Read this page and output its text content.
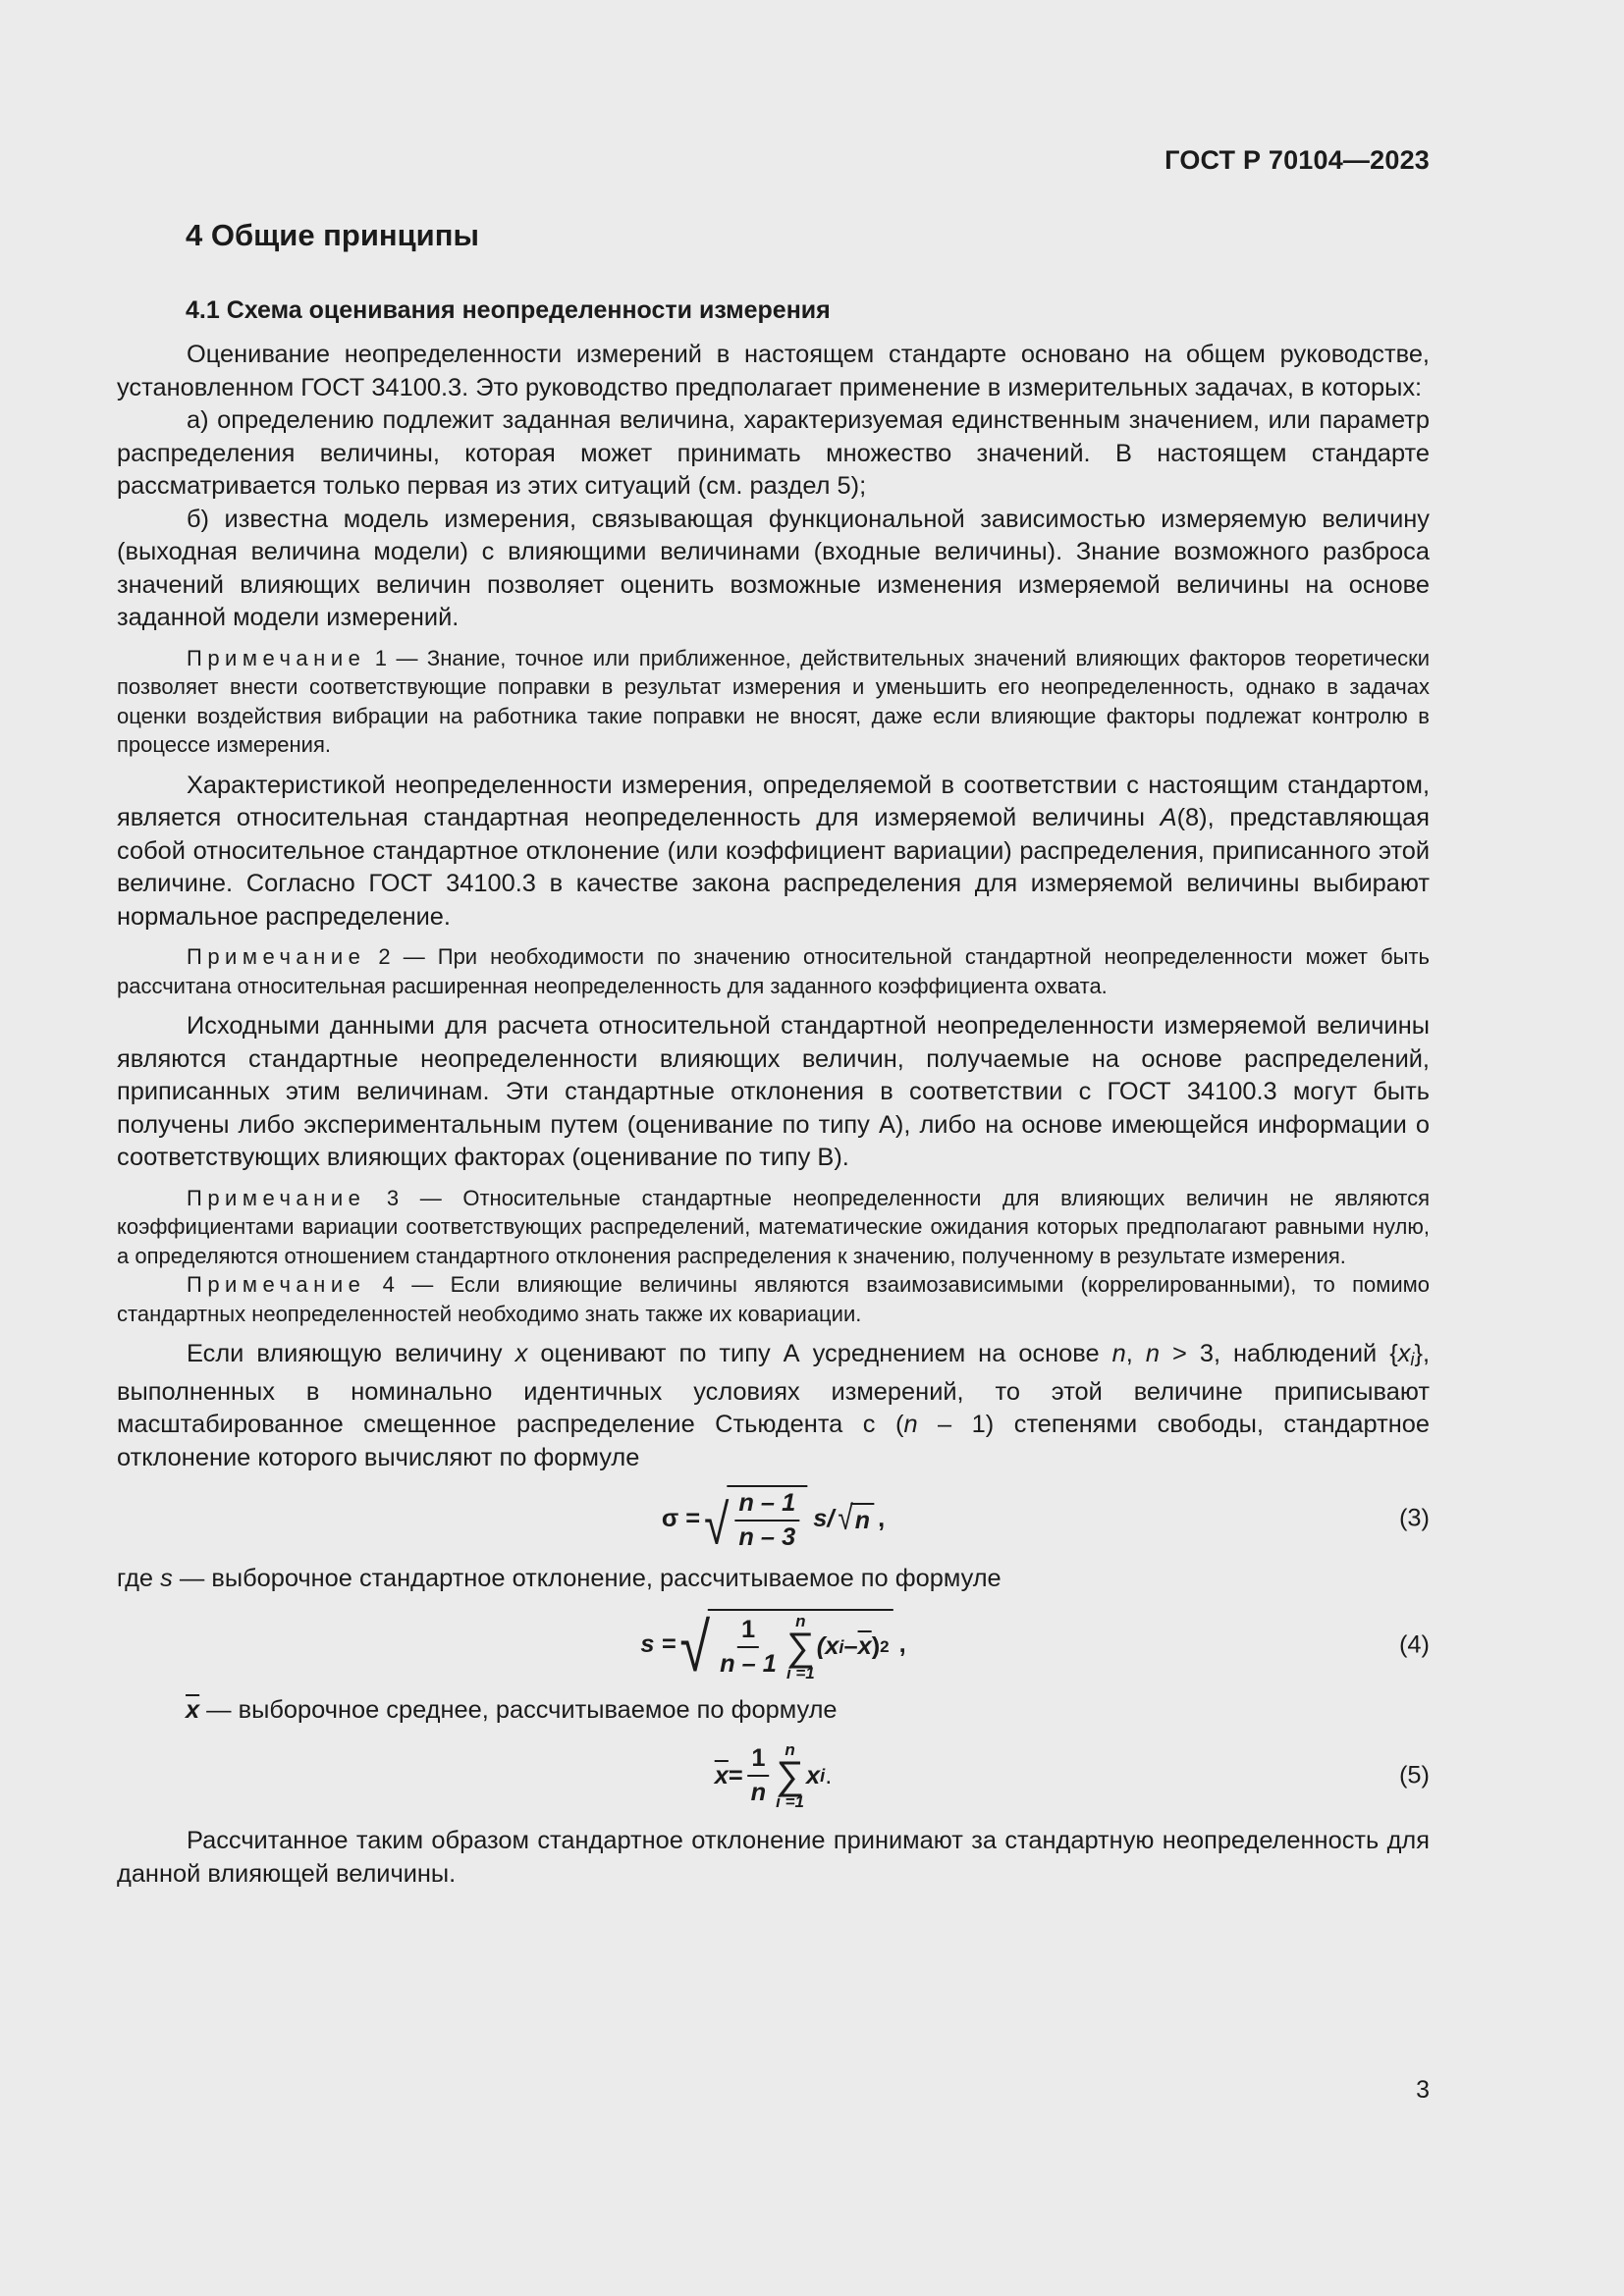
ГОСТ Р 70104—2023
4 Общие принципы
4.1 Схема оценивания неопределенности измерения

Оценивание неопределенности измерений в настоящем стандарте основано на общем руководстве, установленном ГОСТ 34100.3. Это руководство предполагает применение в измерительных задачах, в которых:

а) определению подлежит заданная величина, характеризуемая единственным значением, или параметр распределения величины, которая может принимать множество значений. В настоящем стандарте рассматривается только первая из этих ситуаций (см. раздел 5);

б) известна модель измерения, связывающая функциональной зависимостью измеряемую величину (выходная величина модели) с влияющими величинами (входные величины). Знание возможного разброса значений влияющих величин позволяет оценить возможные изменения измеряемой величины на основе заданной модели измерений.

Примечание 1 — Знание, точное или приближенное, действительных значений влияющих факторов теоретически позволяет внести соответствующие поправки в результат измерения и уменьшить его неопределенность, однако в задачах оценки воздействия вибрации на работника такие поправки не вносят, даже если влияющие факторы подлежат контролю в процессе измерения.

Характеристикой неопределенности измерения, определяемой в соответствии с настоящим стандартом, является относительная стандартная неопределенность для измеряемой величины A(8), представляющая собой относительное стандартное отклонение (или коэффициент вариации) распределения, приписанного этой величине. Согласно ГОСТ 34100.3 в качестве закона распределения для измеряемой величины выбирают нормальное распределение.

Примечание 2 — При необходимости по значению относительной стандартной неопределенности может быть рассчитана относительная расширенная неопределенность для заданного коэффициента охвата.

Исходными данными для расчета относительной стандартной неопределенности измеряемой величины являются стандартные неопределенности влияющих величин, получаемые на основе распределений, приписанных этим величинам. Эти стандартные отклонения в соответствии с ГОСТ 34100.3 могут быть получены либо экспериментальным путем (оценивание по типу А), либо на основе имеющейся информации о соответствующих влияющих факторах (оценивание по типу В).

Примечание 3 — Относительные стандартные неопределенности для влияющих величин не являются коэффициентами вариации соответствующих распределений, математические ожидания которых предполагают равными нулю, а определяются отношением стандартного отклонения распределения к значению, полученному в результате измерения.

Примечание 4 — Если влияющие величины являются взаимозависимыми (коррелированными), то помимо стандартных неопределенностей необходимо знать также их ковариации.

Если влияющую величину x оценивают по типу А усреднением на основе n, n > 3, наблюдений $\{x_i\}$, выполненных в номинально идентичных условиях измерений, то этой величине приписывают масштабированное смещенное распределение Стьюдента с (n – 1) степенями свободы, стандартное отклонение которого вычисляют по формуле

σ = √ $\frac{n - 1}{n - 3} s/$ √ n ,	(3)

где s — выборочное стандартное отклонение, рассчитываемое по формуле

s = √ $\frac{1}{n - 1}$ n
∑
i =1
(x i – $\overline{x}$ ) 2 ,	(4)

$\overline{x}$ — выборочное среднее, рассчитываемое по формуле

$\overline{x} = \frac{1}{n}$ n
∑
i =1
x i .	(5)

Рассчитанное таким образом стандартное отклонение принимают за стандартную неопределенность для данной влияющей величины.

3
